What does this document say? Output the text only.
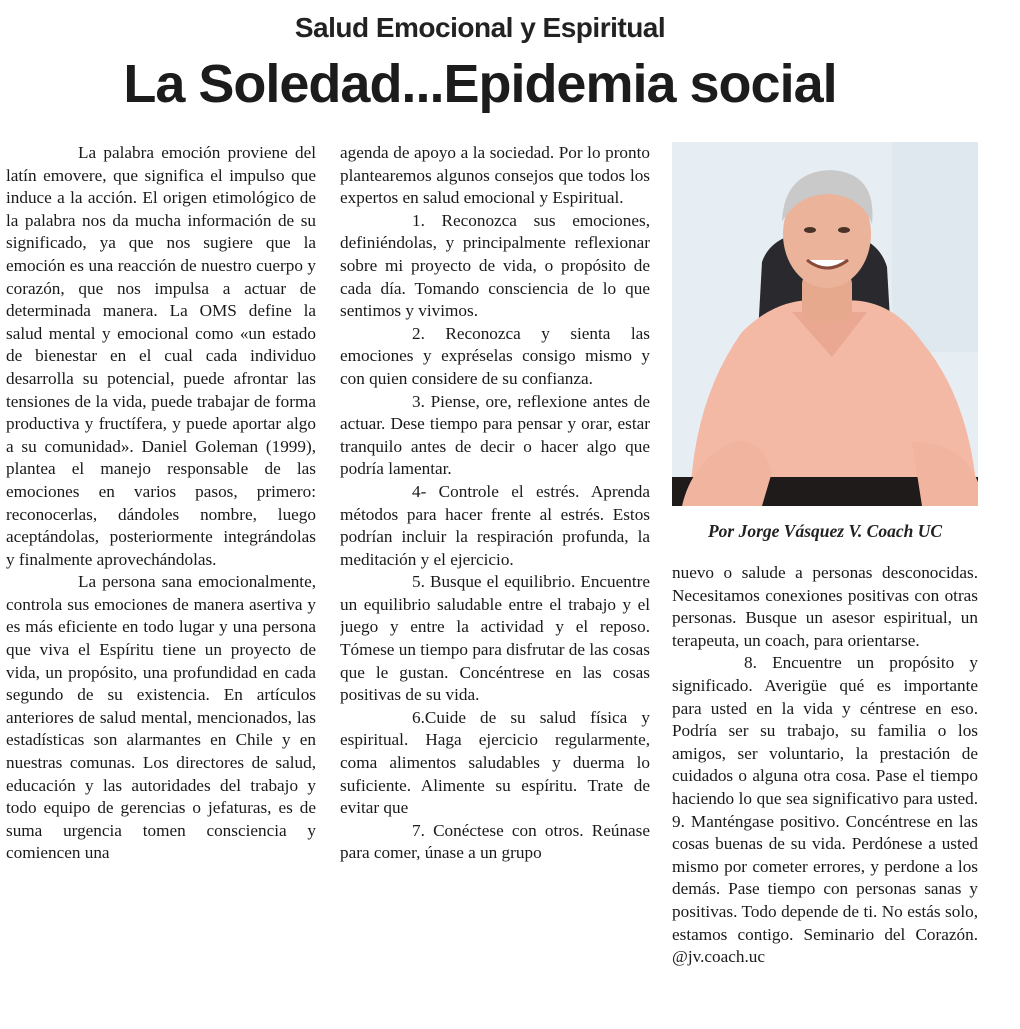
Salud Emocional y Espiritual
La Soledad...Epidemia social

La palabra emoción proviene del latín emovere, que significa el impulso que induce a la acción. El origen etimológico de la palabra nos da mucha información de su significado, ya que nos sugiere que la emoción es una reacción de nuestro cuerpo y corazón, que nos impulsa a actuar de determinada manera. La OMS define la salud mental y emocional como «un estado de bienestar en el cual cada individuo desarrolla su potencial, puede afrontar las tensiones de la vida, puede trabajar de forma productiva y fructífera, y puede aportar algo a su comunidad». Daniel Goleman (1999), plantea el manejo responsable de las emociones en varios pasos, primero: reconocerlas, dándoles nombre, luego aceptándolas, posteriormente integrándolas y finalmente aprovechándolas.

La persona sana emocionalmente, controla sus emociones de manera asertiva y es más eficiente en todo lugar y una persona que viva el Espíritu tiene un proyecto de vida, un propósito, una profundidad en cada segundo de su existencia. En artículos anteriores de salud mental, mencionados, las estadísticas son alarmantes en Chile y en nuestras comunas. Los directores de salud, educación y las autoridades del trabajo y todo equipo de gerencias o jefaturas, es de suma urgencia tomen consciencia y comiencen una

agenda de apoyo a la sociedad. Por lo pronto plantearemos algunos consejos que todos los expertos en salud emocional y Espiritual.

1. Reconozca sus emociones, definiéndolas, y principalmente reflexionar sobre mi proyecto de vida, o propósito de cada día. Tomando consciencia de lo que sentimos y vivimos.

2. Reconozca y sienta las emociones y expréselas consigo mismo y con quien considere de su confianza.

3. Piense, ore, reflexione antes de actuar. Dese tiempo para pensar y orar, estar tranquilo antes de decir o hacer algo que podría lamentar.

4- Controle el estrés. Aprenda métodos para hacer frente al estrés. Estos podrían incluir la respiración profunda, la meditación y el ejercicio.

5. Busque el equilibrio. Encuentre un equilibrio saludable entre el trabajo y el juego y entre la actividad y el reposo. Tómese un tiempo para disfrutar de las cosas que le gustan. Concéntrese en las cosas positivas de su vida.

6.Cuide de su salud física y espiritual. Haga ejercicio regularmente, coma alimentos saludables y duerma lo suficiente. Alimente su espíritu. Trate de evitar que

7. Conéctese con otros. Reúnase para comer, únase a un grupo

Por Jorge Vásquez V. Coach UC

nuevo o salude a personas desconocidas. Necesitamos conexiones positivas con otras personas. Busque un asesor espiritual, un terapeuta, un coach, para orientarse.

8. Encuentre un propósito y significado. Averigüe qué es importante para usted en la vida y céntrese en eso. Podría ser su trabajo, su familia o los amigos, ser voluntario, la prestación de cuidados o alguna otra cosa. Pase el tiempo haciendo lo que sea significativo para usted. 9. Manténgase positivo. Concéntrese en las cosas buenas de su vida. Perdónese a usted mismo por cometer errores, y perdone a los demás. Pase tiempo con personas sanas y positivas. Todo depende de ti. No estás solo, estamos contigo. Seminario del Corazón. @jv.coach.uc
